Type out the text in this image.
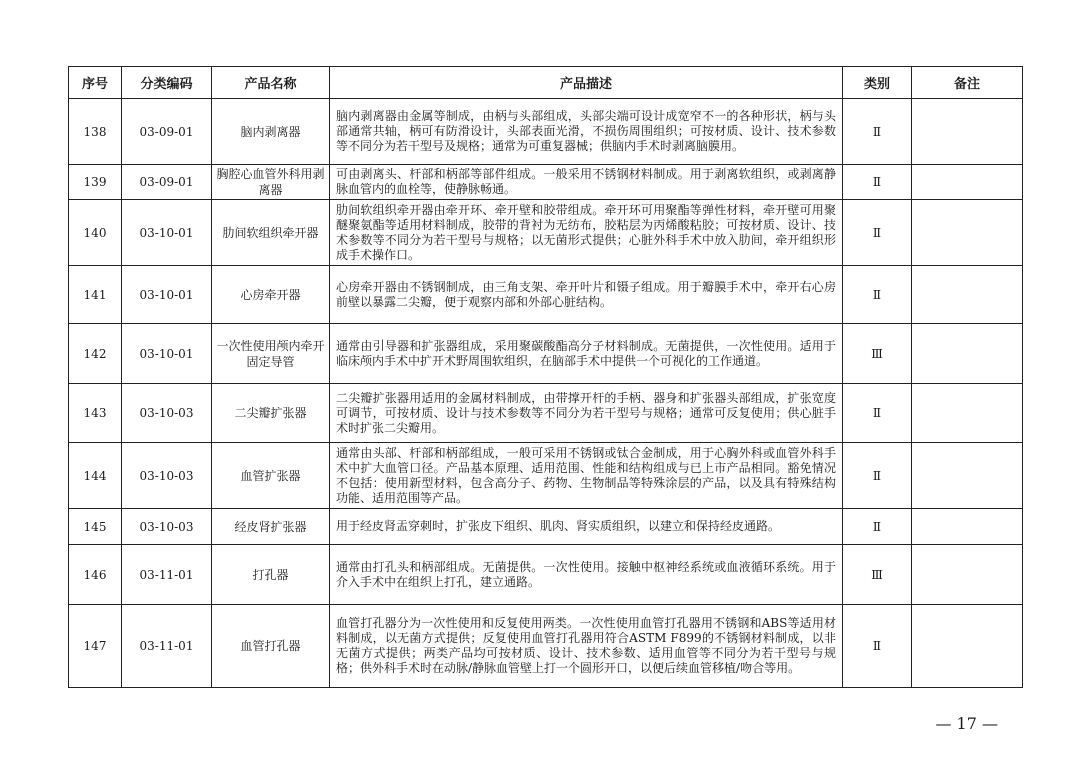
序号	分类编码	产品名称	产品描述	类别	备注
138	03-09-01	脑内剥离器	脑内剥离器由金属等制成，由柄与头部组成，头部尖端可设计成宽窄不一的各种形状，柄与头部通常共轴，柄可有防滑设计，头部表面光滑，不损伤周围组织；可按材质、设计、技术参数等不同分为若干型号及规格；通常为可重复器械；供脑内手术时剥离脑膜用。	Ⅱ	
139	03-09-01	胸腔心血管外科用剥离器	可由剥离头、杆部和柄部等部件组成。一般采用不锈钢材料制成。用于剥离软组织，或剥离静脉血管内的血栓等，使静脉畅通。	Ⅱ	
140	03-10-01	肋间软组织牵开器	肋间软组织牵开器由牵开环、牵开壁和胶带组成。牵开环可用聚酯等弹性材料，牵开壁可用聚醚聚氨酯等适用材料制成，胶带的背衬为无纺布，胶粘层为丙烯酸粘胶；可按材质、设计、技术参数等不同分为若干型号与规格；以无菌形式提供；心脏外科手术中放入肋间，牵开组织形成手术操作口。	Ⅱ	
141	03-10-01	心房牵开器	心房牵开器由不锈钢制成，由三角支架、牵开叶片和镊子组成。用于瓣膜手术中，牵开右心房前壁以暴露二尖瓣，便于观察内部和外部心脏结构。	Ⅱ	
142	03-10-01	一次性使用颅内牵开固定导管	通常由引导器和扩张器组成，采用聚碳酸酯高分子材料制成。无菌提供，一次性使用。适用于临床颅内手术中扩开术野周围软组织，在脑部手术中提供一个可视化的工作通道。	Ⅲ	
143	03-10-03	二尖瓣扩张器	二尖瓣扩张器用适用的金属材料制成，由带撑开杆的手柄、器身和扩张器头部组成，扩张宽度可调节，可按材质、设计与技术参数等不同分为若干型号与规格；通常可反复使用；供心脏手术时扩张二尖瓣用。	Ⅱ	
144	03-10-03	血管扩张器	通常由头部、杆部和柄部组成，一般可采用不锈钢或钛合金制成，用于心胸外科或血管外科手术中扩大血管口径。产品基本原理、适用范围、性能和结构组成与已上市产品相同。豁免情况不包括：使用新型材料，包含高分子、药物、生物制品等特殊涂层的产品，以及具有特殊结构功能、适用范围等产品。	Ⅱ	
145	03-10-03	经皮肾扩张器	用于经皮肾盂穿刺时，扩张皮下组织、肌肉、肾实质组织，以建立和保持经皮通路。	Ⅱ	
146	03-11-01	打孔器	通常由打孔头和柄部组成。无菌提供。一次性使用。接触中枢神经系统或血液循环系统。用于介入手术中在组织上打孔，建立通路。	Ⅲ	
147	03-11-01	血管打孔器	血管打孔器分为一次性使用和反复使用两类。一次性使用血管打孔器用不锈钢和ABS等适用材料制成，以无菌方式提供；反复使用血管打孔器用符合ASTM F899的不锈钢材料制成，以非无菌方式提供；两类产品均可按材质、设计、技术参数、适用血管等不同分为若干型号与规格；供外科手术时在动脉/静脉血管壁上打一个圆形开口，以便后续血管移植/吻合等用。	Ⅱ	
— 17 —
